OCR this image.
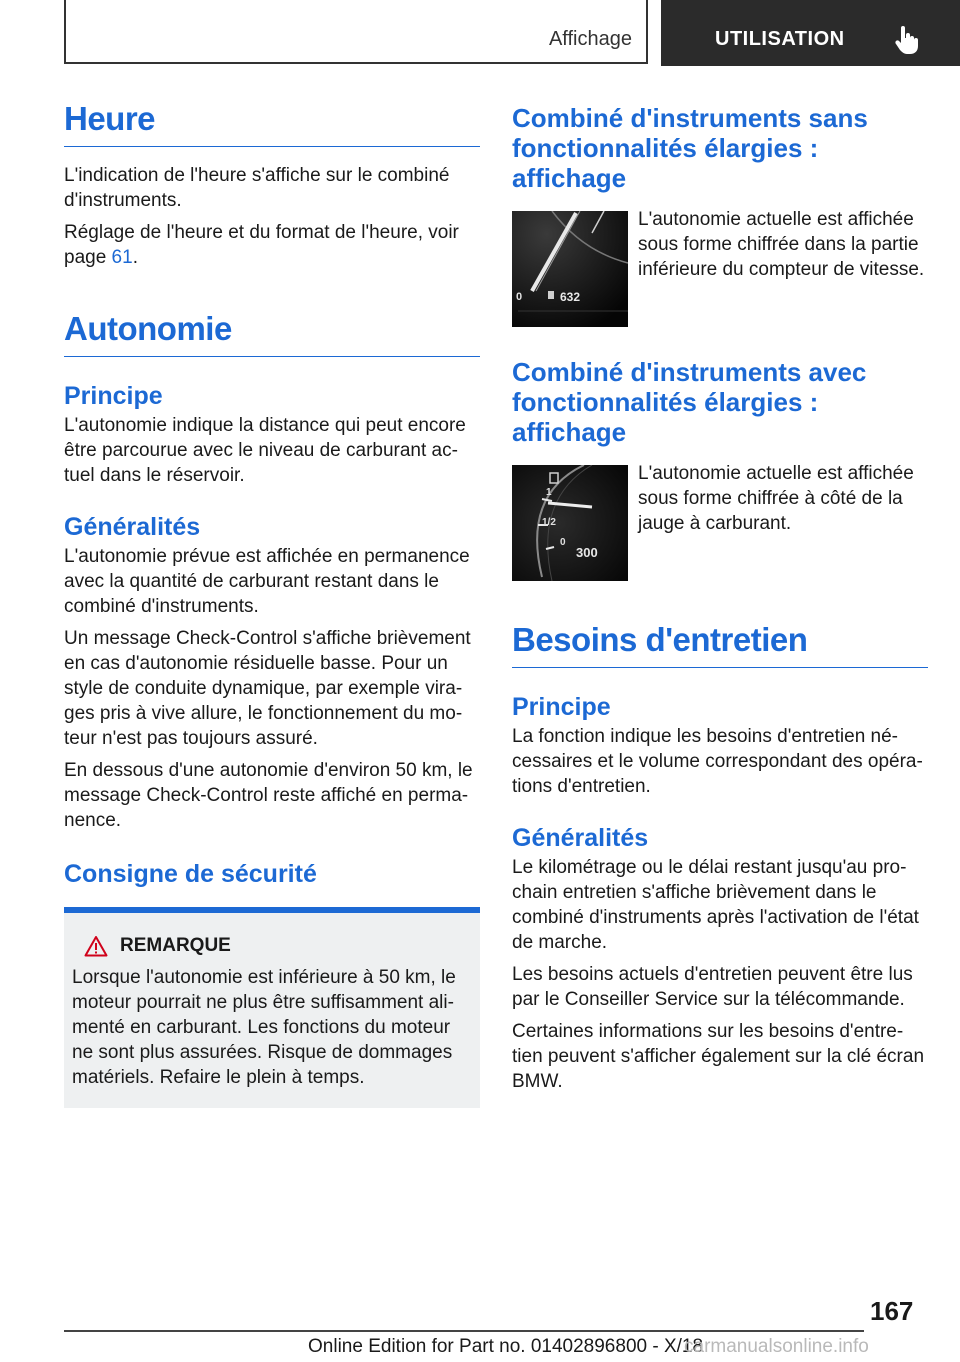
Affichage	UTILISATION
Heure

L'indication de l'heure s'affiche sur le combiné d'instruments.

Réglage de l'heure et du format de l'heure, voir page 61.

Autonomie
Principe

L'autonomie indique la distance qui peut encore être parcourue avec le niveau de carburant ac-tuel dans le réservoir.

Généralités

L'autonomie prévue est affichée en permanence avec la quantité de carburant restant dans le combiné d'instruments.

Un message Check-Control s'affiche brièvement en cas d'autonomie résiduelle basse. Pour un style de conduite dynamique, par exemple vira-ges pris à vive allure, le fonctionnement du mo-teur n'est pas toujours assuré.

En dessous d'une autonomie d'environ 50 km, le message Check-Control reste affiché en perma-nence.

Consigne de sécurité
REMARQUE

Lorsque l'autonomie est inférieure à 50 km, le moteur pourrait ne plus être suffisamment ali-menté en carburant. Les fonctions du moteur ne sont plus assurées. Risque de dommages matériels. Refaire le plein à temps.

Combiné d'instruments sans fonctionnalités élargies : affichage
0	632

L'autonomie actuelle est affichée sous forme chiffrée dans la partie inférieure du compteur de vitesse.

Combiné d'instruments avec fonctionnalités élargies : affichage
1
1/2
0
300

L'autonomie actuelle est affichée sous forme chiffrée à côté de la jauge à carburant.

Besoins d'entretien
Principe

La fonction indique les besoins d'entretien né-cessaires et le volume correspondant des opéra-tions d'entretien.

Généralités

Le kilométrage ou le délai restant jusqu'au pro-chain entretien s'affiche brièvement dans le combiné d'instruments après l'activation de l'état de marche.

Les besoins actuels d'entretien peuvent être lus par le Conseiller Service sur la télécommande.

Certaines informations sur les besoins d'entre-tien peuvent s'afficher également sur la clé écran BMW.

167
Online Edition for Part no. 01402896800 - X/18
carmanualsonline.info
